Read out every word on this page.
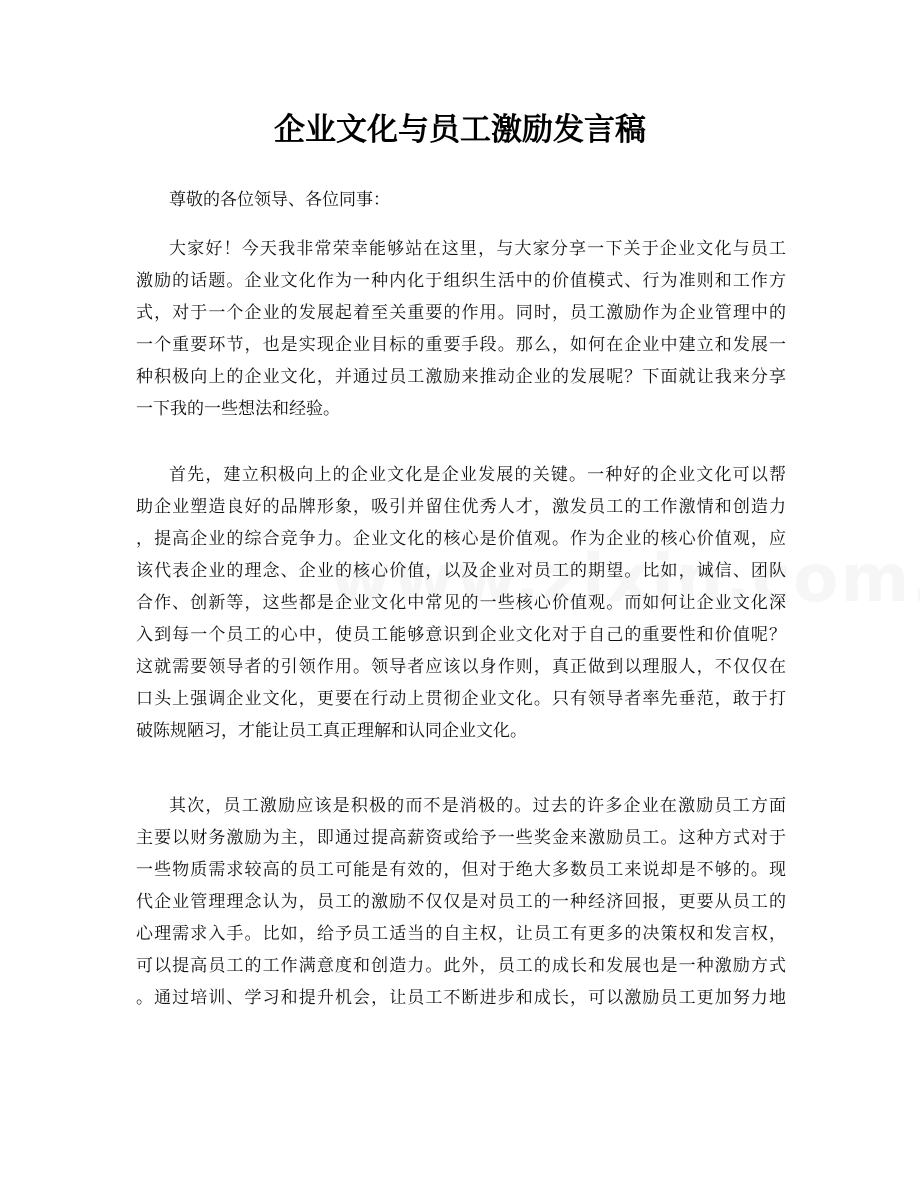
企业文化与员工激励发言稿

尊敬的各位领导、各位同事：

大家好！今天我非常荣幸能够站在这里，与大家分享一下关于企业文化与员工
激励的话题。企业文化作为一种内化于组织生活中的价值模式、行为准则和工作方
式，对于一个企业的发展起着至关重要的作用。同时，员工激励作为企业管理中的
一个重要环节，也是实现企业目标的重要手段。那么，如何在企业中建立和发展一
种积极向上的企业文化，并通过员工激励来推动企业的发展呢？下面就让我来分享
一下我的一些想法和经验。
首先，建立积极向上的企业文化是企业发展的关键。一种好的企业文化可以帮
助企业塑造良好的品牌形象，吸引并留住优秀人才，激发员工的工作激情和创造力
，提高企业的综合竞争力。企业文化的核心是价值观。作为企业的核心价值观，应
该代表企业的理念、企业的核心价值，以及企业对员工的期望。比如，诚信、团队
合作、创新等，这些都是企业文化中常见的一些核心价值观。而如何让企业文化深
入到每一个员工的心中，使员工能够意识到企业文化对于自己的重要性和价值呢？
这就需要领导者的引领作用。领导者应该以身作则，真正做到以理服人，不仅仅在
口头上强调企业文化，更要在行动上贯彻企业文化。只有领导者率先垂范，敢于打
破陈规陋习，才能让员工真正理解和认同企业文化。
其次，员工激励应该是积极的而不是消极的。过去的许多企业在激励员工方面
主要以财务激励为主，即通过提高薪资或给予一些奖金来激励员工。这种方式对于
一些物质需求较高的员工可能是有效的，但对于绝大多数员工来说却是不够的。现
代企业管理理念认为，员工的激励不仅仅是对员工的一种经济回报，更要从员工的
心理需求入手。比如，给予员工适当的自主权，让员工有更多的决策权和发言权，
可以提高员工的工作满意度和创造力。此外，员工的成长和发展也是一种激励方式
。通过培训、学习和提升机会，让员工不断进步和成长，可以激励员工更加努力地
